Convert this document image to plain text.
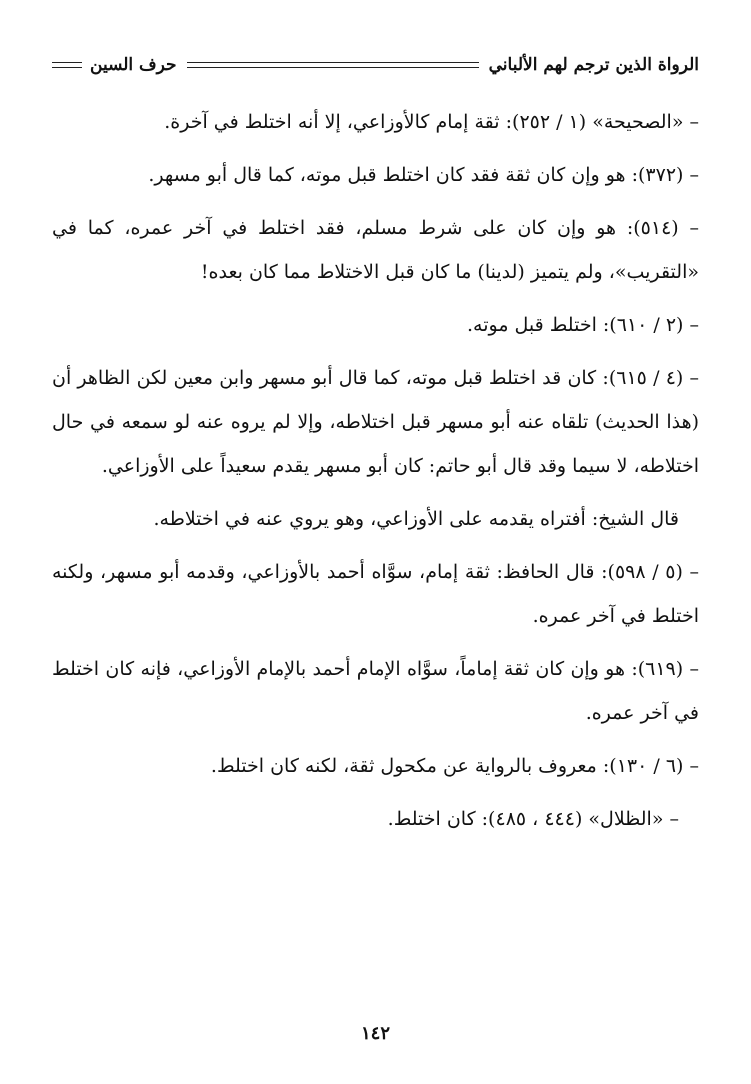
الرواة الذين ترجم لهم الألباني
حرف السين

– «الصحيحة» (١ / ٢٥٢): ثقة إمام كالأوزاعي، إلا أنه اختلط في آخرة.

– (٣٧٢): هو وإن كان ثقة فقد كان اختلط قبل موته، كما قال أبو مسهر.

– (٥١٤): هو وإن كان على شرط مسلم، فقد اختلط في آخر عمره، كما في «التقريب»، ولم يتميز (لدينا) ما كان قبل الاختلاط مما كان بعده!

– (٢ / ٦١٠): اختلط قبل موته.

– (٤ / ٦١٥): كان قد اختلط قبل موته، كما قال أبو مسهر وابن معين لكن الظاهر أن (هذا الحديث) تلقاه عنه أبو مسهر قبل اختلاطه، وإلا لم يروه عنه لو سمعه في حال اختلاطه، لا سيما وقد قال أبو حاتم: كان أبو مسهر يقدم سعيداً على الأوزاعي.

قال الشيخ: أفتراه يقدمه على الأوزاعي، وهو يروي عنه في اختلاطه.

– (٥ / ٥٩٨): قال الحافظ: ثقة إمام، سوَّاه أحمد بالأوزاعي، وقدمه أبو مسهر، ولكنه اختلط في آخر عمره.

– (٦١٩): هو وإن كان ثقة إماماً، سوَّاه الإمام أحمد بالإمام الأوزاعي، فإنه كان اختلط في آخر عمره.

– (٦ / ١٣٠): معروف بالرواية عن مكحول ثقة، لكنه كان اختلط.

– «الظلال» (٤٤٤ ، ٤٨٥): كان اختلط.

١٤٢
